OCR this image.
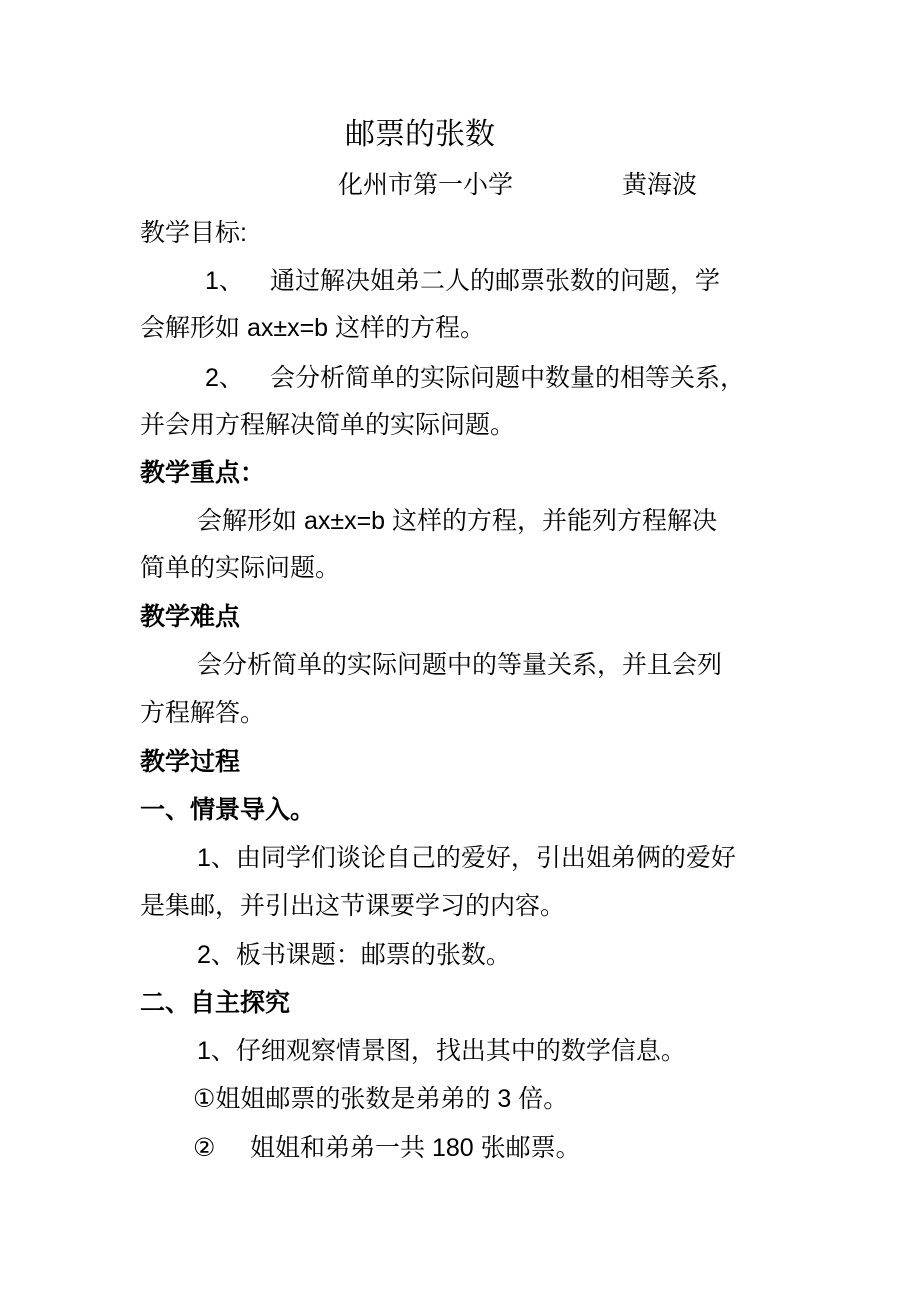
邮票的张数
化州市第一小学	黄海波
教学目标:
1、 通过解决姐弟二人的邮票张数的问题，学
会解形如 ax±x=b 这样的方程。
2、 会分析简单的实际问题中数量的相等关系，
并会用方程解决简单的实际问题。
教学重点：
会解形如 ax±x=b 这样的方程，并能列方程解决
简单的实际问题。
教学难点
会分析简单的实际问题中的等量关系，并且会列
方程解答。
教学过程
一、情景导入。
1、由同学们谈论自己的爱好，引出姐弟俩的爱好
是集邮，并引出这节课要学习的内容。
2、板书课题：邮票的张数。
二、自主探究
1、仔细观察情景图，找出其中的数学信息。
①姐姐邮票的张数是弟弟的 3 倍。
② 姐姐和弟弟一共 180 张邮票。
